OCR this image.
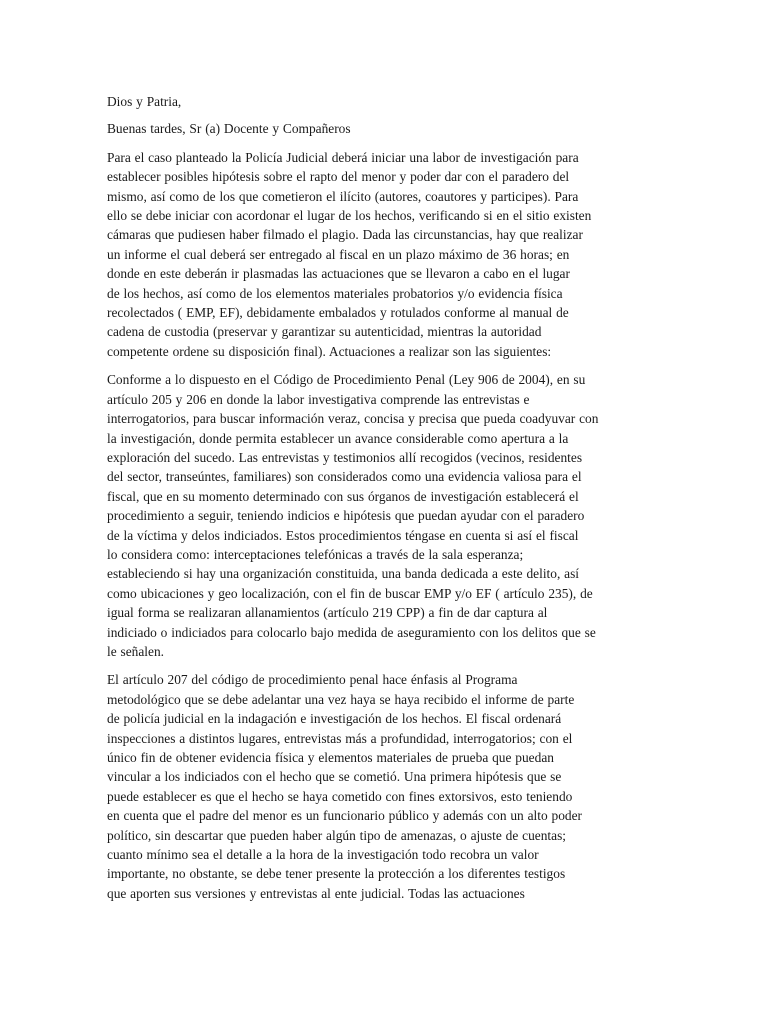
Dios y Patria,
Buenas tardes, Sr (a) Docente y Compañeros
Para el caso planteado la Policía Judicial deberá iniciar una labor de investigación para
establecer posibles hipótesis sobre el rapto del menor y poder dar con el paradero del
mismo, así como de los que cometieron el ilícito (autores, coautores y participes). Para
ello se debe iniciar con acordonar el lugar de los hechos, verificando si en el sitio existen
cámaras que pudiesen haber filmado el plagio. Dada las circunstancias, hay que realizar
un informe el cual deberá ser entregado al fiscal en un plazo máximo de 36 horas; en
donde en este deberán ir plasmadas las actuaciones que se llevaron a cabo en el lugar
de los hechos, así como de los elementos materiales probatorios y/o evidencia física
recolectados ( EMP, EF), debidamente embalados y rotulados conforme al manual de
cadena de custodia (preservar y garantizar su autenticidad, mientras la autoridad
competente ordene su disposición final). Actuaciones a realizar son las siguientes:
Conforme a lo dispuesto en el Código de Procedimiento Penal (Ley 906 de 2004), en su
artículo 205 y 206 en donde la labor investigativa comprende las entrevistas e
interrogatorios, para buscar información veraz, concisa y precisa que pueda coadyuvar con
la investigación, donde permita establecer un avance considerable como apertura a la
exploración del sucedo. Las entrevistas y testimonios allí recogidos (vecinos, residentes
del sector, transeúntes, familiares) son considerados como una evidencia valiosa para el
fiscal, que en su momento determinado con sus órganos de investigación establecerá el
procedimiento a seguir, teniendo indicios e hipótesis que puedan ayudar con el paradero
de la víctima y delos indiciados. Estos procedimientos téngase en cuenta si así el fiscal
lo considera como: interceptaciones telefónicas a través de la sala esperanza;
estableciendo si hay una organización constituida, una banda dedicada a este delito, así
como ubicaciones y geo localización, con el fin de buscar EMP y/o EF ( artículo 235), de
igual forma se realizaran allanamientos (artículo 219 CPP) a fin de dar captura al
indiciado o indiciados para colocarlo bajo medida de aseguramiento con los delitos que se
le señalen.
El artículo 207 del código de procedimiento penal hace énfasis al Programa
metodológico que se debe adelantar una vez haya se haya recibido el informe de parte
de policía judicial en la indagación e investigación de los hechos. El fiscal ordenará
inspecciones a distintos lugares, entrevistas más a profundidad, interrogatorios; con el
único fin de obtener evidencia física y elementos materiales de prueba que puedan
vincular a los indiciados con el hecho que se cometió. Una primera hipótesis que se
puede establecer es que el hecho se haya cometido con fines extorsivos, esto teniendo
en cuenta que el padre del menor es un funcionario público y además con un alto poder
político, sin descartar que pueden haber algún tipo de amenazas, o ajuste de cuentas;
cuanto mínimo sea el detalle a la hora de la investigación todo recobra un valor
importante, no obstante, se debe tener presente la protección a los diferentes testigos
que aporten sus versiones y entrevistas al ente judicial. Todas las actuaciones
